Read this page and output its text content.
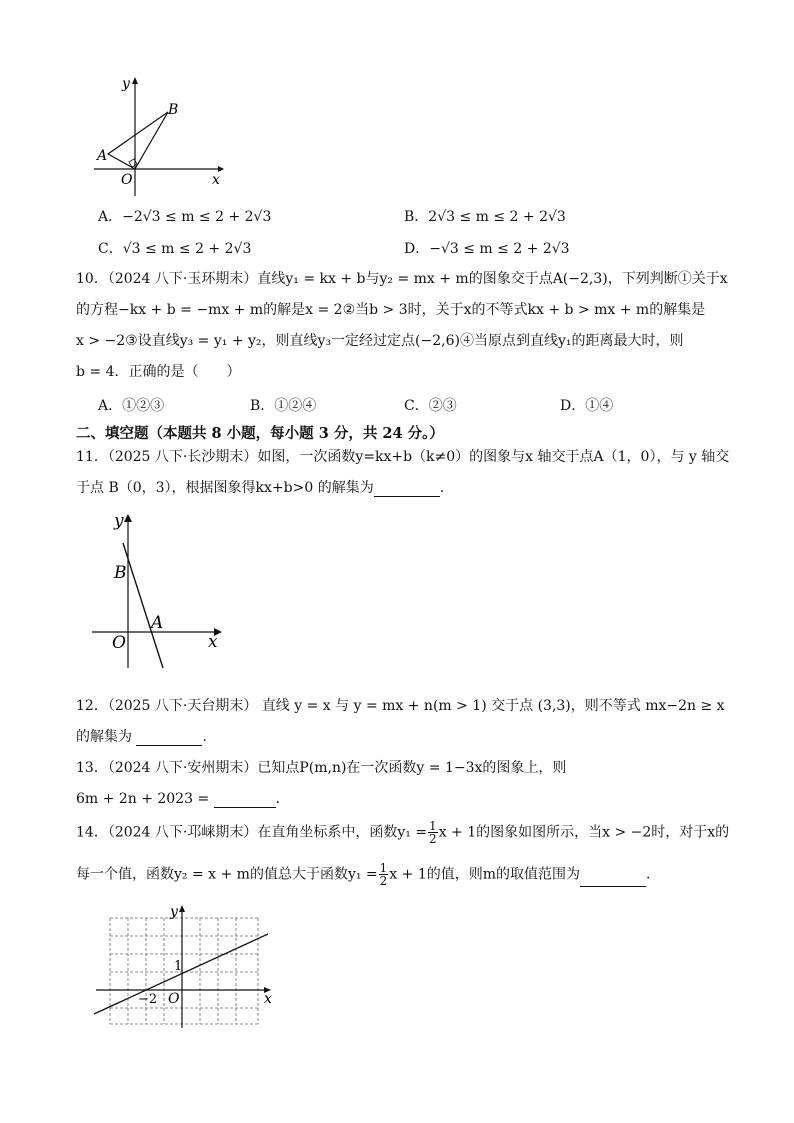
y
x
O
A
B
A．−2√3 ≤ m ≤ 2 + 2√3	B．2√3 ≤ m ≤ 2 + 2√3
C．√3 ≤ m ≤ 2 + 2√3	D．−√3 ≤ m ≤ 2 + 2√3
10．（2024 八下·玉环期末）直线y₁ = kx + b与y₂ = mx + m的图象交于点A(−2,3)，下列判断①关于x
的方程−kx + b = −mx + m的解是x = 2②当b > 3时，关于x的不等式kx + b > mx + m的解集是
x > −2③设直线y₃ = y₁ + y₂，则直线y₃一定经过定点(−2,6)④当原点到直线y₁的距离最大时，则
b = 4．正确的是（　　）
A．①②③	B．①②④	C．②③	D．①④
二、填空题（本题共 8 小题，每小题 3 分，共 24 分。）
11．（2025 八下·长沙期末）如图，一次函数y=kx+b（k≠0）的图象与x 轴交于点A（1，0），与 y 轴交
于点 B（0，3），根据图象得kx+b>0 的解集为	.
y
x
O
A
B
12．（2025 八下·天台期末） 直线 y = x 与 y = mx + n(m > 1) 交于点 (3,3)，则不等式 mx−2n ≥ x
的解集为	.
13．（2024 八下·安州期末）已知点P(m,n)在一次函数y = 1−3x的图象上，则
6m + 2n + 2023 =	．
14．（2024 八下·邛崃期末）在直角坐标系中，函数$y_1 = \frac{1}{2}$ x + 1的图象如图所示，当x > −2时，对于x的
每一个值，函数y₂ = x + m的值总大于函数$y_1 = \frac{1}{2}$ x + 1的值，则m的取值范围为	．
y
x
O
1
−2
